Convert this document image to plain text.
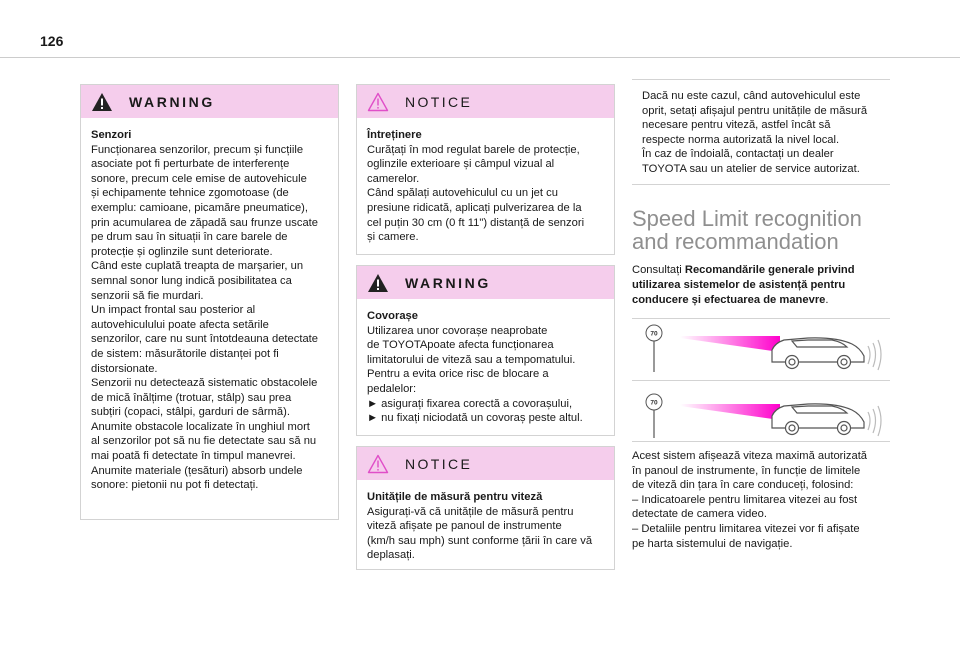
126
WARNING
Senzori
Funcționarea senzorilor, precum și funcțiile
asociate pot fi perturbate de interferențe
sonore, precum cele emise de autovehicule
și echipamente tehnice zgomotoase (de
exemplu: camioane, picamăre pneumatice),
prin acumularea de zăpadă sau frunze uscate
pe drum sau în situații în care barele de
protecție și oglinzile sunt deteriorate.
Când este cuplată treapta de marșarier, un
semnal sonor lung indică posibilitatea ca
senzorii să fie murdari.
Un impact frontal sau posterior al
autovehiculului poate afecta setările
senzorilor, care nu sunt întotdeauna detectate
de sistem: măsurătorile distanței pot fi
distorsionate.
Senzorii nu detectează sistematic obstacolele
de mică înălțime (trotuar, stâlp) sau prea
subțiri (copaci, stâlpi, garduri de sârmă).
Anumite obstacole localizate în unghiul mort
al senzorilor pot să nu fie detectate sau să nu
mai poată fi detectate în timpul manevrei.
Anumite materiale (țesături) absorb undele
sonore: pietonii nu pot fi detectați.
NOTICE
Întreținere
Curățați în mod regulat barele de protecție,
oglinzile exterioare și câmpul vizual al
camerelor.
Când spălați autovehiculul cu un jet cu
presiune ridicată, aplicați pulverizarea de la
cel puțin 30 cm (0 ft 11") distanță de senzori
și camere.
WARNING
Covorașe
Utilizarea unor covorașe neaprobate
de TOYOTApoate afecta funcționarea
limitatorului de viteză sau a tempomatului.
Pentru a evita orice risc de blocare a
pedalelor:
► asigurați fixarea corectă a covorașului,
► nu fixați niciodată un covoraș peste altul.
NOTICE
Unitățile de măsură pentru viteză
Asigurați-vă că unitățile de măsură pentru
viteză afișate pe panoul de instrumente
(km/h sau mph) sunt conforme țării în care vă
deplasați.
Dacă nu este cazul, când autovehiculul este
oprit, setați afișajul pentru unitățile de măsură
necesare pentru viteză, astfel încât să
respecte norma autorizată la nivel local.
În caz de îndoială, contactați un dealer
TOYOTA sau un atelier de service autorizat.
Speed Limit recognition
and recommandation
Consultați Recomandările generale privind
utilizarea sistemelor de asistență pentru
conducere și efectuarea de manevre.
70
70
Acest sistem afișează viteza maximă autorizată
în panoul de instrumente, în funcție de limitele
de viteză din țara în care conduceți, folosind:
– Indicatoarele pentru limitarea vitezei au fost
detectate de camera video.
– Detaliile pentru limitarea vitezei vor fi afișate
pe harta sistemului de navigație.
